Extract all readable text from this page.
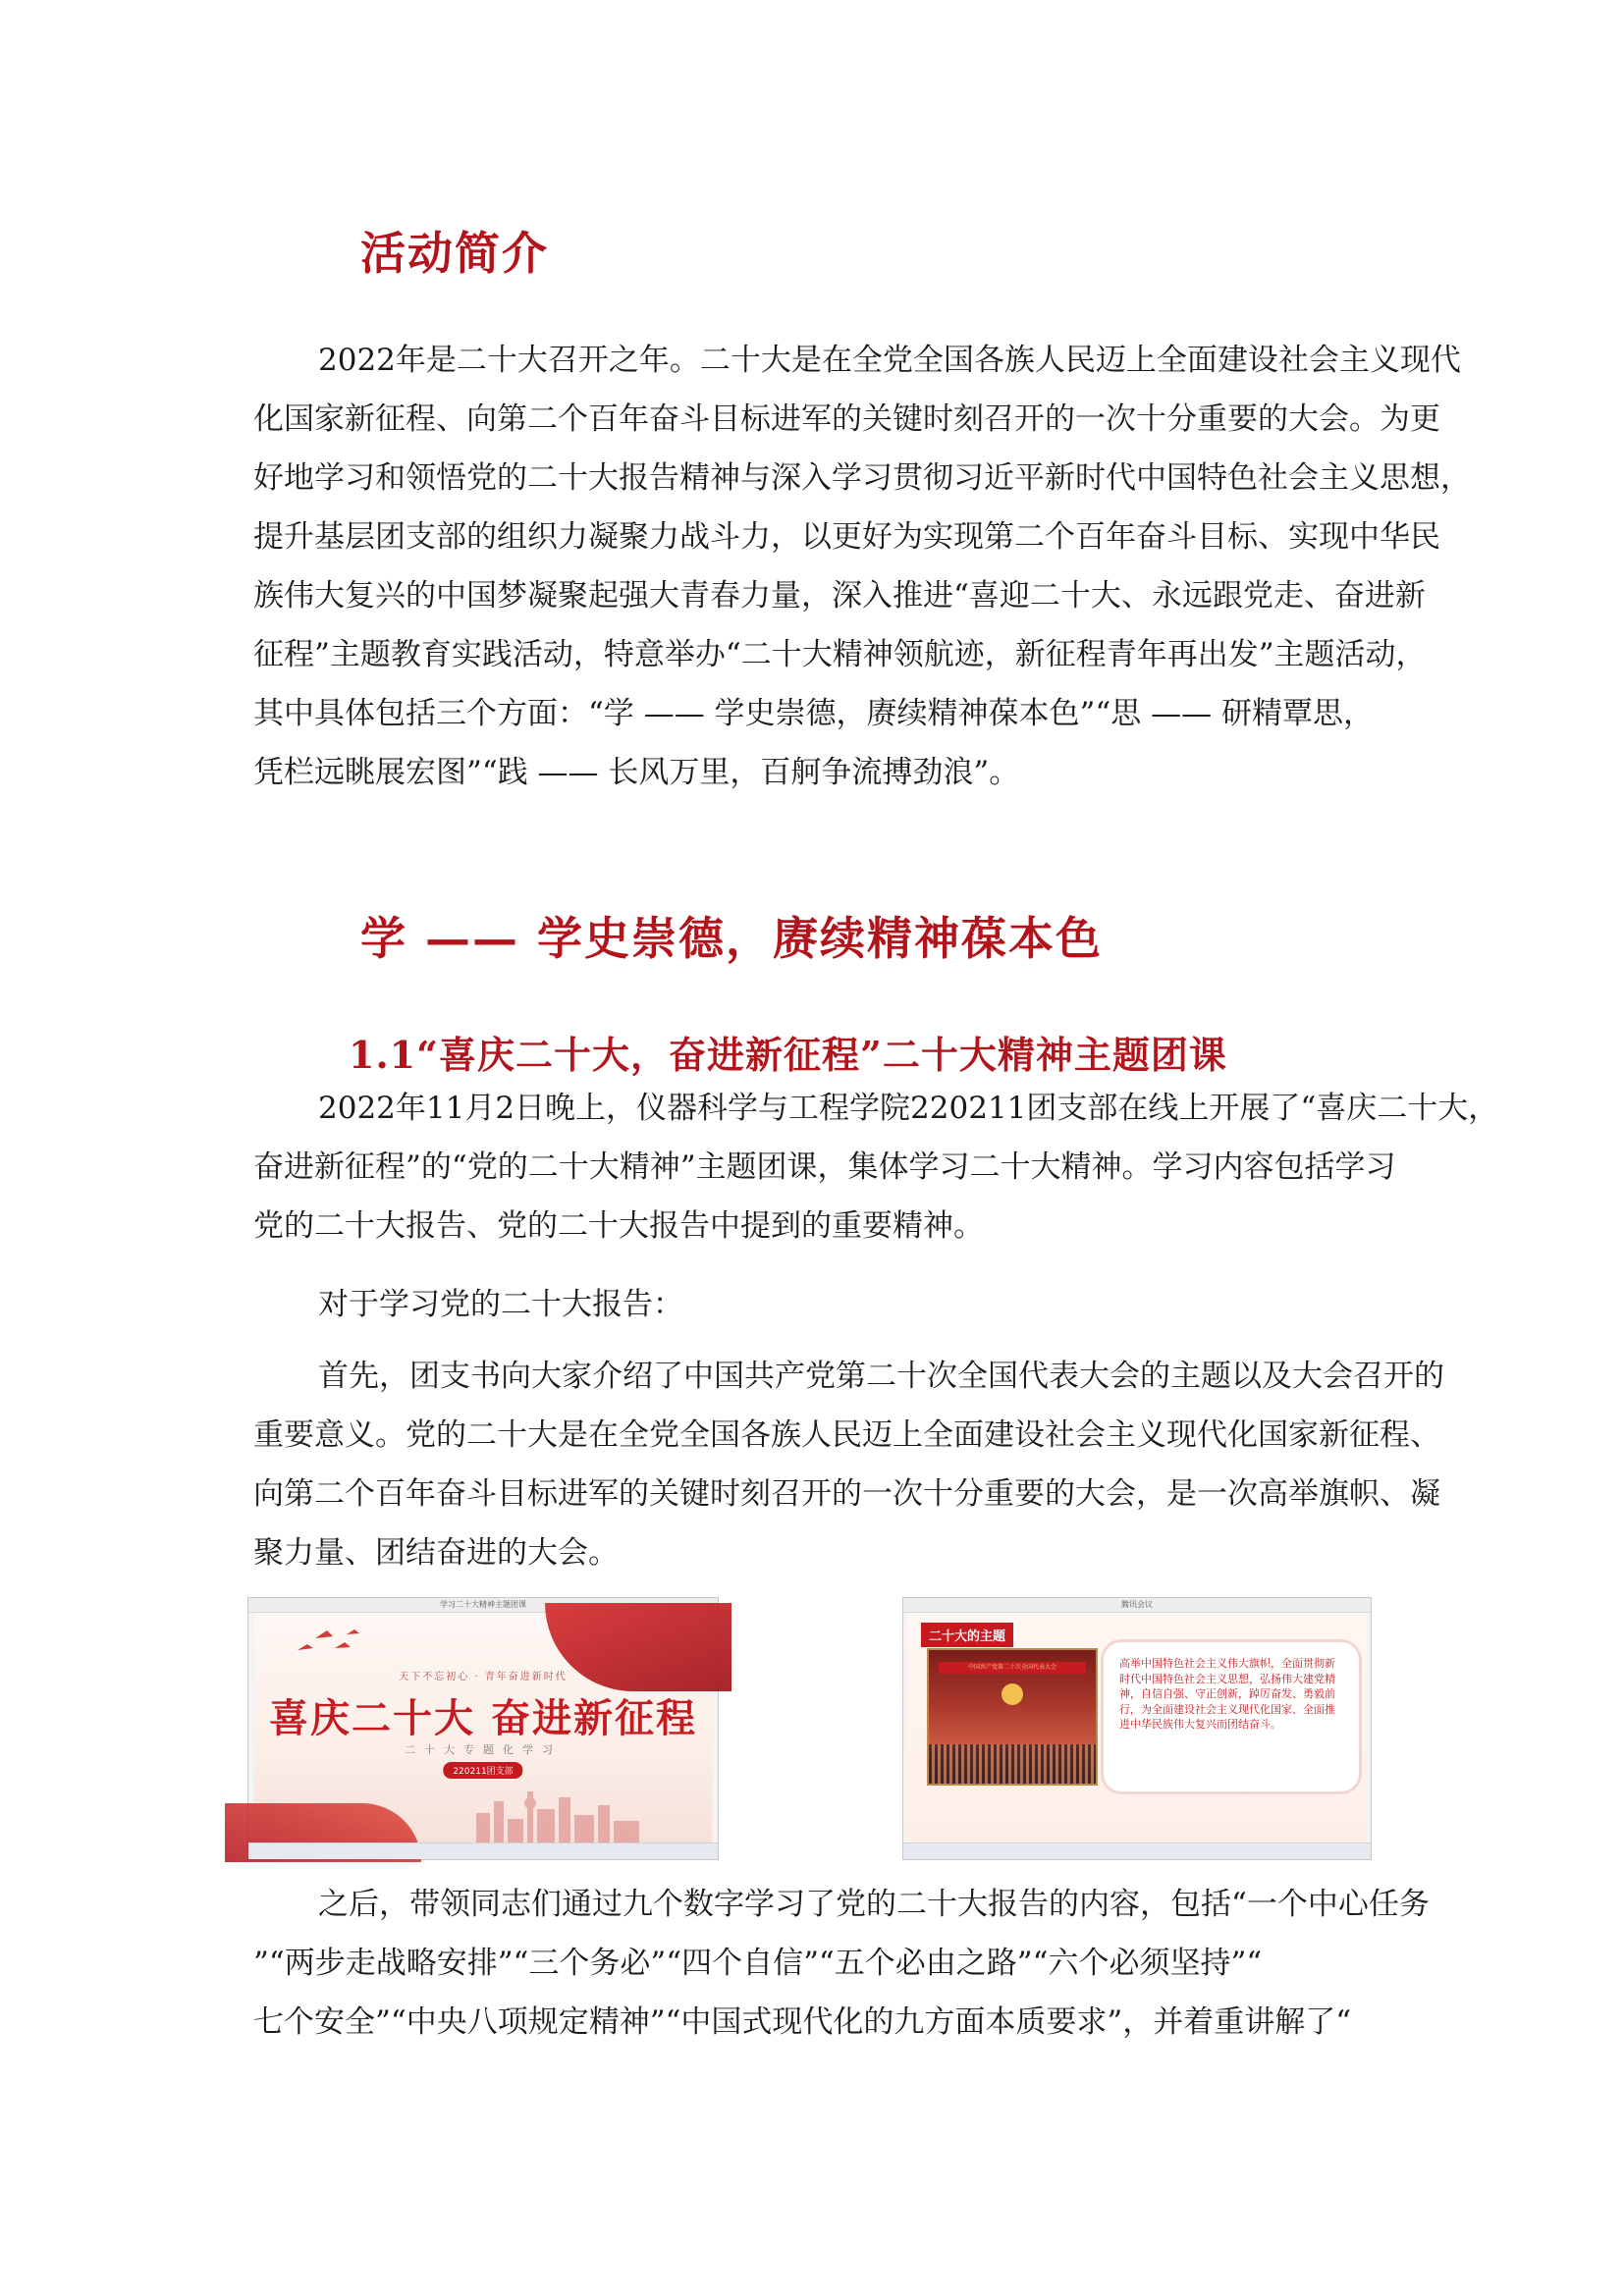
活动简介
2022年是二十大召开之年。二十大是在全党全国各族人民迈上全面建设社会主义现代
化国家新征程、向第二个百年奋斗目标进军的关键时刻召开的一次十分重要的大会。为更
好地学习和领悟党的二十大报告精神与深入学习贯彻习近平新时代中国特色社会主义思想，
提升基层团支部的组织力凝聚力战斗力，以更好为实现第二个百年奋斗目标、实现中华民
族伟大复兴的中国梦凝聚起强大青春力量，深入推进“喜迎二十大、永远跟党走、奋进新
征程”主题教育实践活动，特意举办“二十大精神领航迹，新征程青年再出发”主题活动，
其中具体包括三个方面：“学 —— 学史崇德，赓续精神葆本色”“思 —— 研精覃思，
凭栏远眺展宏图”“践 —— 长风万里，百舸争流搏劲浪”。
学 —— 学史崇德，赓续精神葆本色
1.1“喜庆二十大，奋进新征程”二十大精神主题团课
2022年11月2日晚上，仪器科学与工程学院220211团支部在线上开展了“喜庆二十大，
奋进新征程”的“党的二十大精神”主题团课，集体学习二十大精神。学习内容包括学习
党的二十大报告、党的二十大报告中提到的重要精神。
对于学习党的二十大报告：
首先，团支书向大家介绍了中国共产党第二十次全国代表大会的主题以及大会召开的
重要意义。党的二十大是在全党全国各族人民迈上全面建设社会主义现代化国家新征程、
向第二个百年奋斗目标进军的关键时刻召开的一次十分重要的大会，是一次高举旗帜、凝
聚力量、团结奋进的大会。
学习二十大精神主题团课
天下不忘初心 · 青年奋进新时代
喜庆二十大 奋进新征程
二十大专题化学习
220211团支部
腾讯会议
二十大的主题
中国共产党第二十次全国代表大会	高举中国特色社会主义伟大旗帜，全面贯彻新时代中国特色社会主义思想，弘扬伟大建党精神，自信自强、守正创新，踔厉奋发、勇毅前行，为全面建设社会主义现代化国家、全面推进中华民族伟大复兴而团结奋斗。
之后，带领同志们通过九个数字学习了党的二十大报告的内容，包括“一个中心任务
”“两步走战略安排”“三个务必”“四个自信”“五个必由之路”“六个必须坚持”“
七个安全”“中央八项规定精神”“中国式现代化的九方面本质要求”，并着重讲解了“
